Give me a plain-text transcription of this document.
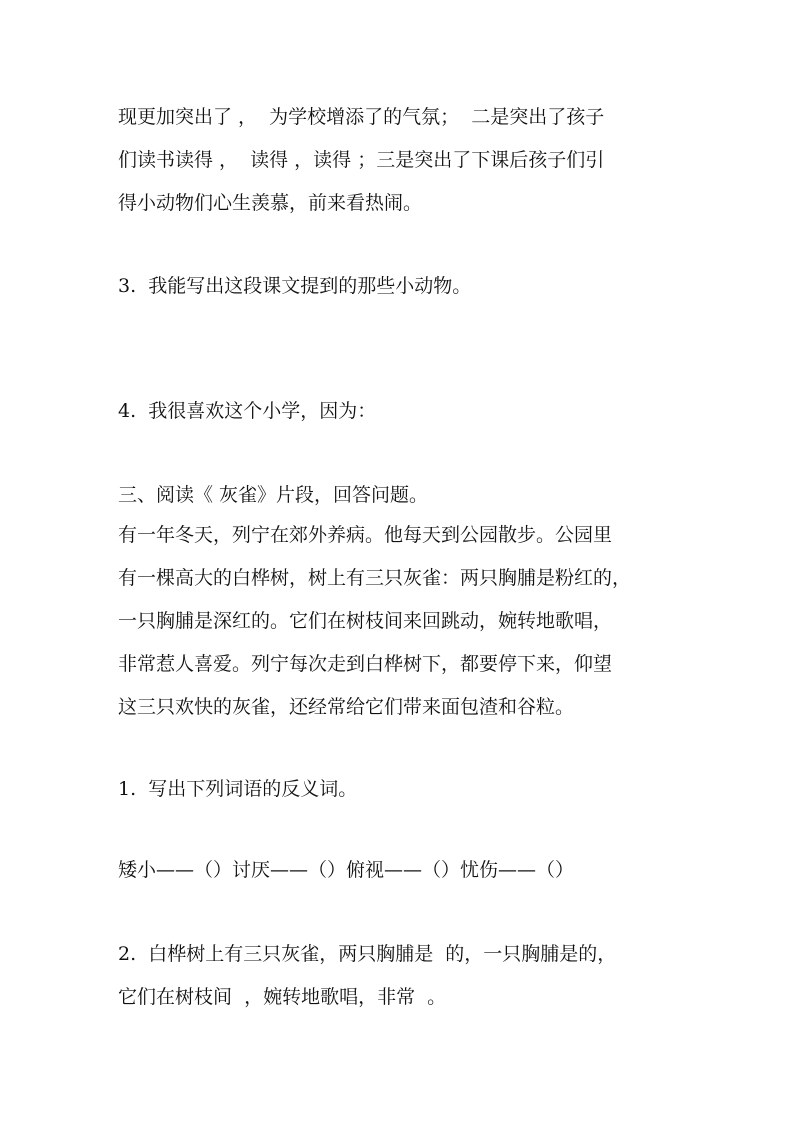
现更加突出了 ，  为学校增添了的气氛；  二是突出了孩子

们读书读得 ，  读得 ，读得 ；三是突出了下课后孩子们引

得小动物们心生羡慕，前来看热闹。

3.  我能写出这段课文提到的那些小动物。

4.  我很喜欢这个小学，因为：

三、阅读《 灰雀》片段，回答问题。

有一年冬天，列宁在郊外养病。他每天到公园散步。公园里

有一棵高大的白桦树，树上有三只灰雀：两只胸脯是粉红的，

一只胸脯是深红的。它们在树枝间来回跳动，婉转地歌唱，

非常惹人喜爱。列宁每次走到白桦树下，都要停下来，仰望

这三只欢快的灰雀，还经常给它们带来面包渣和谷粒。

1.  写出下列词语的反义词。

矮小——（）讨厌——（）俯视——（）忧伤——（）

2.  白桦树上有三只灰雀，两只胸脯是  的，一只胸脯是的，

它们在树枝间  ，婉转地歌唱，非常  。
